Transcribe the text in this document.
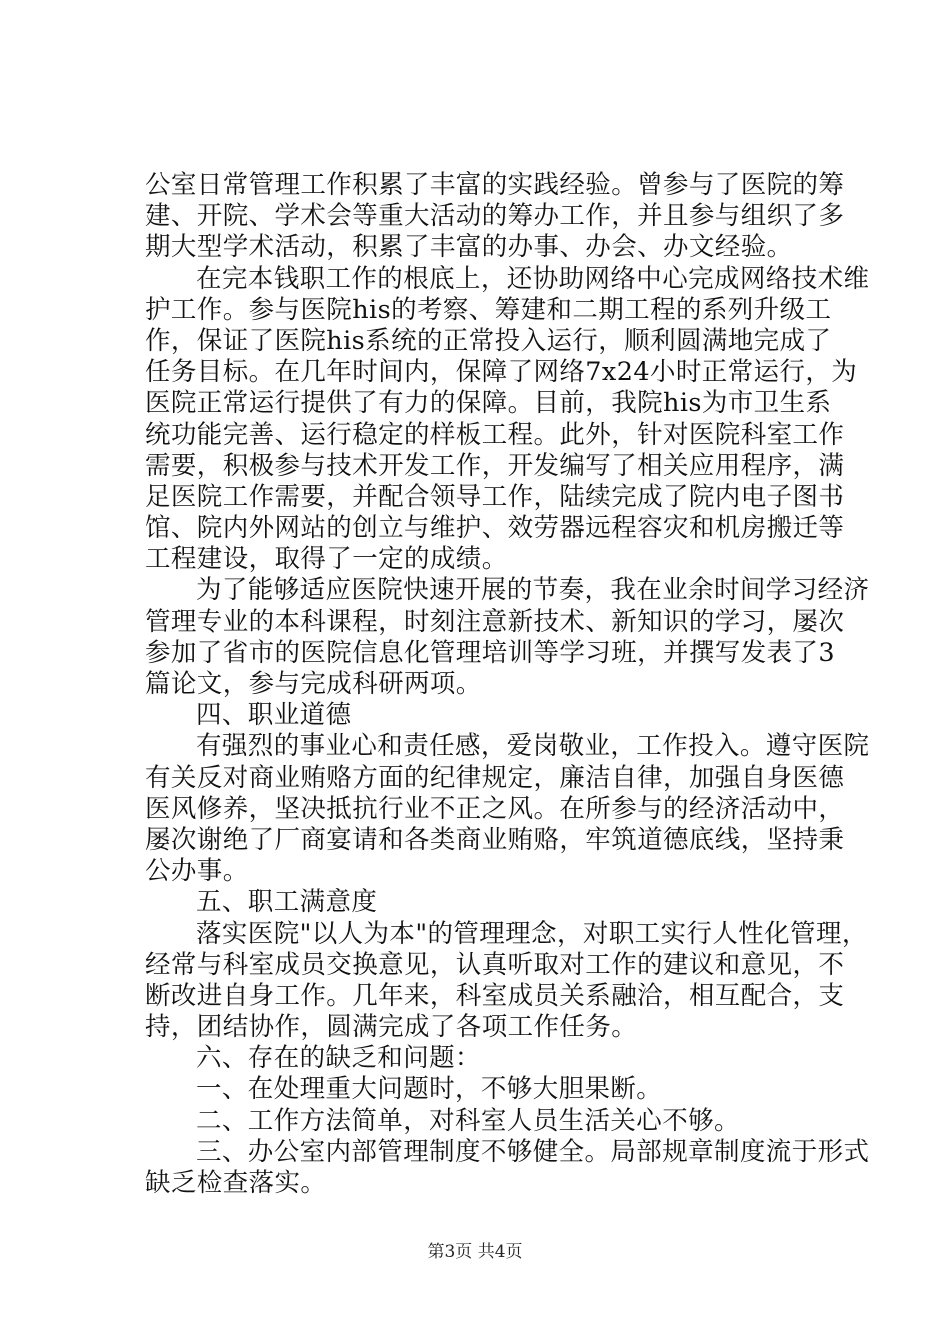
公室日常管理工作积累了丰富的实践经验。曾参与了医院的筹
建、开院、学术会等重大活动的筹办工作，并且参与组织了多
期大型学术活动，积累了丰富的办事、办会、办文经验。
在完本钱职工作的根底上，还协助网络中心完成网络技术维
护工作。参与医院his的考察、筹建和二期工程的系列升级工
作，保证了医院his系统的正常投入运行，顺利圆满地完成了
任务目标。在几年时间内，保障了网络7x24小时正常运行，为
医院正常运行提供了有力的保障。目前，我院his为市卫生系
统功能完善、运行稳定的样板工程。此外，针对医院科室工作
需要，积极参与技术开发工作，开发编写了相关应用程序，满
足医院工作需要，并配合领导工作，陆续完成了院内电子图书
馆、院内外网站的创立与维护、效劳器远程容灾和机房搬迁等
工程建设，取得了一定的成绩。
为了能够适应医院快速开展的节奏，我在业余时间学习经济
管理专业的本科课程，时刻注意新技术、新知识的学习，屡次
参加了省市的医院信息化管理培训等学习班，并撰写发表了3
篇论文，参与完成科研两项。
四、职业道德
有强烈的事业心和责任感，爱岗敬业，工作投入。遵守医院
有关反对商业贿赂方面的纪律规定，廉洁自律，加强自身医德
医风修养，坚决抵抗行业不正之风。在所参与的经济活动中，
屡次谢绝了厂商宴请和各类商业贿赂，牢筑道德底线，坚持秉
公办事。
五、职工满意度
落实医院"以人为本"的管理理念，对职工实行人性化管理，
经常与科室成员交换意见，认真听取对工作的建议和意见，不
断改进自身工作。几年来，科室成员关系融洽，相互配合，支
持，团结协作，圆满完成了各项工作任务。
六、存在的缺乏和问题：
一、在处理重大问题时，不够大胆果断。
二、工作方法简单，对科室人员生活关心不够。
三、办公室内部管理制度不够健全。局部规章制度流于形式
缺乏检查落实。
第3页 共4页
